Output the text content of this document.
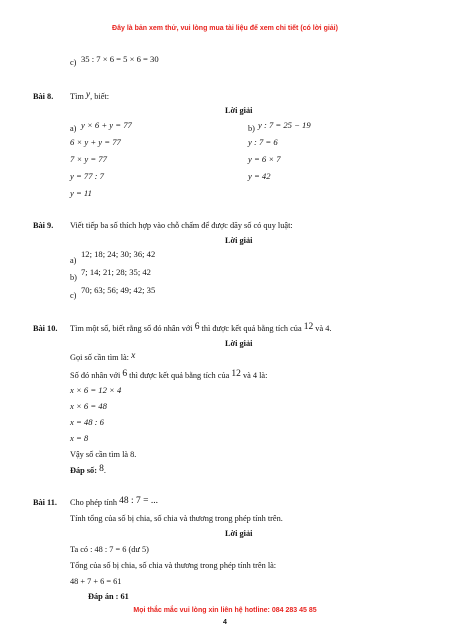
Đây là bản xem thử, vui lòng mua tài liệu để xem chi tiết (có lời giải)
c) 35 : 7 × 6 = 5 × 6 = 30
Bài 8. Tìm y, biết:
Lời giải
a) y × 6 + y = 77
6 × y + y = 77
7 × y = 77
y = 77 : 7
y = 11
b) y : 7 = 25 − 19
y : 7 = 6
y = 6 × 7
y = 42
Bài 9. Viết tiếp ba số thích hợp vào chỗ chấm để được dãy số có quy luật:
Lời giải
a)
12; 18; 24; 30; 36; 42
b)
7; 14; 21; 28; 35; 42
c)
70; 63; 56; 49; 42; 35
Bài 10. Tìm một số, biết rằng số đó nhân với 6 thì được kết quả bằng tích của 12 và 4.
Lời giải
Gọi số cần tìm là: x
Số đó nhân với 6 thì được kết quả bằng tích của 12 và 4 là:
x × 6 = 12 × 4
x × 6 = 48
x = 48 : 6
x = 8
Vậy số cần tìm là 8.
Đáp số: 8.
Bài 11. Cho phép tính 48 : 7 = ...
Tính tổng của số bị chia, số chia và thương trong phép tính trên.
Lời giải
Ta có : 48 : 7 = 6 (dư 5)
Tổng của số bị chia, số chia và thương trong phép tính trên là:
48 + 7 + 6 = 61
Đáp án : 61
Mọi thắc mắc vui lòng xin liên hệ hotline: 084 283 45 85
4
